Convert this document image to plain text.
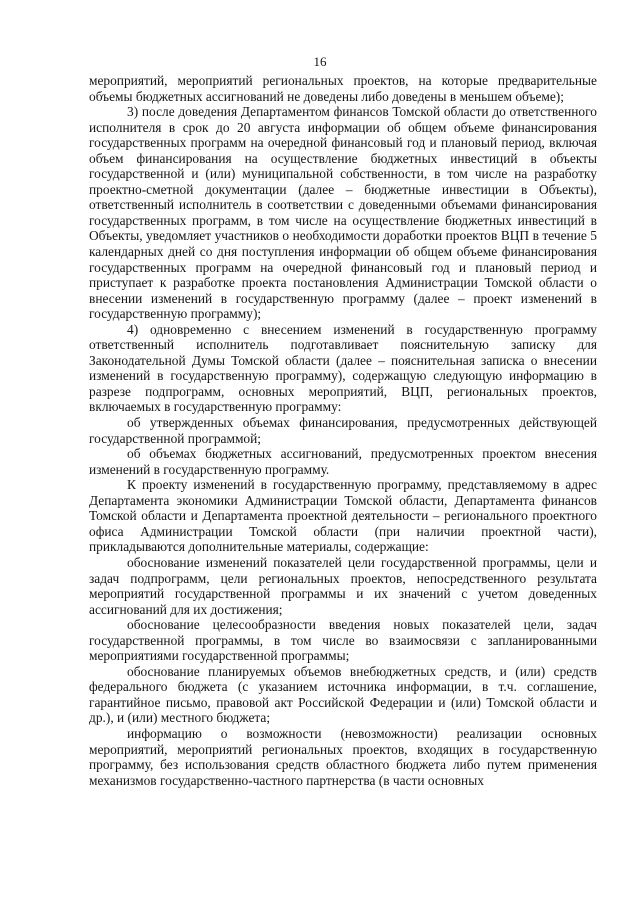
16

мероприятий, мероприятий региональных проектов, на которые предварительные объемы бюджетных ассигнований не доведены либо доведены в меньшем объеме);

3) после доведения Департаментом финансов Томской области до ответственного исполнителя в срок до 20 августа информации об общем объеме финансирования государственных программ на очередной финансовый год и плановый период, включая объем финансирования на осуществление бюджетных инвестиций в объекты государственной и (или) муниципальной собственности, в том числе на разработку проектно-сметной документации (далее – бюджетные инвестиции в Объекты), ответственный исполнитель в соответствии с доведенными объемами финансирования государственных программ, в том числе на осуществление бюджетных инвестиций в Объекты, уведомляет участников о необходимости доработки проектов ВЦП в течение 5 календарных дней со дня поступления информации об общем объеме финансирования государственных программ на очередной финансовый год и плановый период и приступает к разработке проекта постановления Администрации Томской области о внесении изменений в государственную программу (далее – проект изменений в государственную программу);

4) одновременно с внесением изменений в государственную программу ответственный исполнитель подготавливает пояснительную записку для Законодательной Думы Томской области (далее – пояснительная записка о внесении изменений в государственную программу), содержащую следующую информацию в разрезе подпрограмм, основных мероприятий, ВЦП, региональных проектов, включаемых в государственную программу:

об утвержденных объемах финансирования, предусмотренных действующей государственной программой;

об объемах бюджетных ассигнований, предусмотренных проектом внесения изменений в государственную программу.

К проекту изменений в государственную программу, представляемому в адрес Департамента экономики Администрации Томской области, Департамента финансов Томской области и Департамента проектной деятельности – регионального проектного офиса Администрации Томской области (при наличии проектной части), прикладываются дополнительные материалы, содержащие:

обоснование изменений показателей цели государственной программы, цели и задач подпрограмм, цели региональных проектов, непосредственного результата мероприятий государственной программы и их значений с учетом доведенных ассигнований для их достижения;

обоснование целесообразности введения новых показателей цели, задач государственной программы, в том числе во взаимосвязи с запланированными мероприятиями государственной программы;

обоснование планируемых объемов внебюджетных средств, и (или) средств федерального бюджета (с указанием источника информации, в т.ч. соглашение, гарантийное письмо, правовой акт Российской Федерации и (или) Томской области и др.), и (или) местного бюджета;

информацию о возможности (невозможности) реализации основных мероприятий, мероприятий региональных проектов, входящих в государственную программу, без использования средств областного бюджета либо путем применения механизмов государственно-частного партнерства (в части основных
